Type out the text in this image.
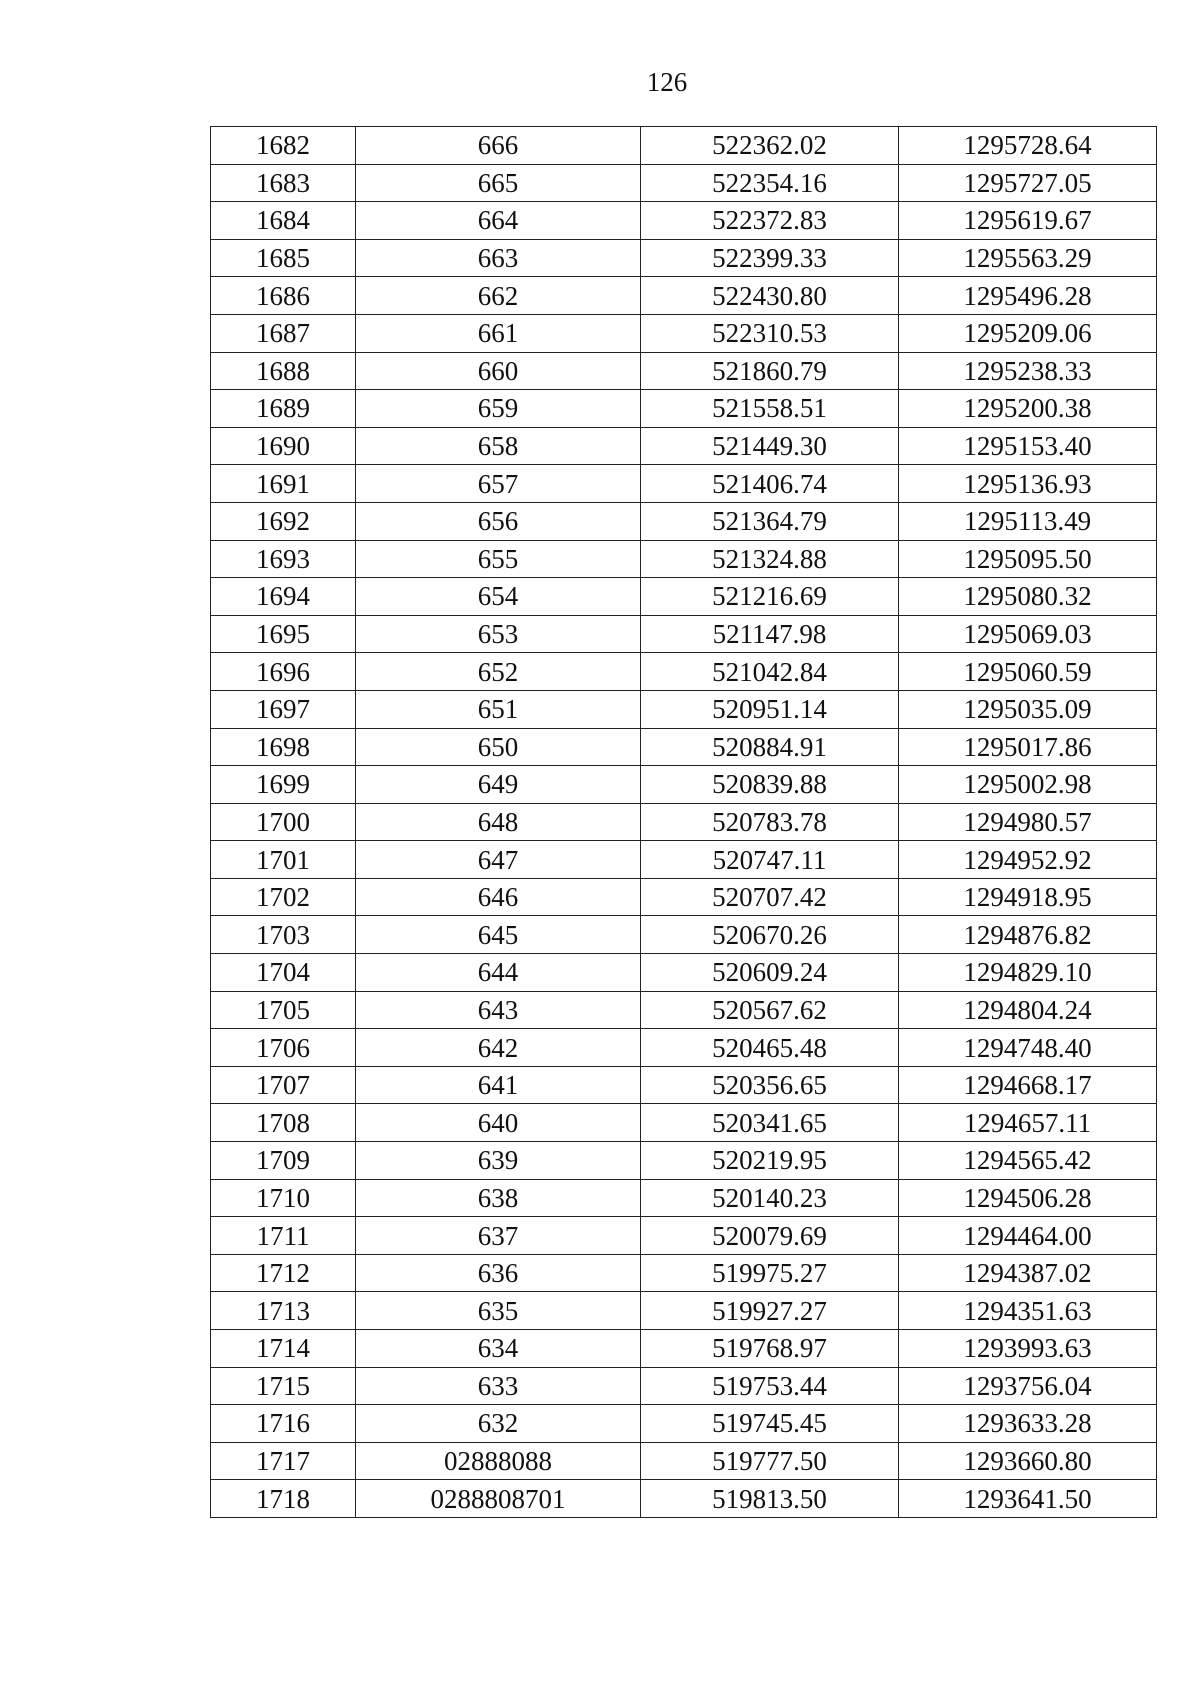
126
1682	666	522362.02	1295728.64
1683	665	522354.16	1295727.05
1684	664	522372.83	1295619.67
1685	663	522399.33	1295563.29
1686	662	522430.80	1295496.28
1687	661	522310.53	1295209.06
1688	660	521860.79	1295238.33
1689	659	521558.51	1295200.38
1690	658	521449.30	1295153.40
1691	657	521406.74	1295136.93
1692	656	521364.79	1295113.49
1693	655	521324.88	1295095.50
1694	654	521216.69	1295080.32
1695	653	521147.98	1295069.03
1696	652	521042.84	1295060.59
1697	651	520951.14	1295035.09
1698	650	520884.91	1295017.86
1699	649	520839.88	1295002.98
1700	648	520783.78	1294980.57
1701	647	520747.11	1294952.92
1702	646	520707.42	1294918.95
1703	645	520670.26	1294876.82
1704	644	520609.24	1294829.10
1705	643	520567.62	1294804.24
1706	642	520465.48	1294748.40
1707	641	520356.65	1294668.17
1708	640	520341.65	1294657.11
1709	639	520219.95	1294565.42
1710	638	520140.23	1294506.28
1711	637	520079.69	1294464.00
1712	636	519975.27	1294387.02
1713	635	519927.27	1294351.63
1714	634	519768.97	1293993.63
1715	633	519753.44	1293756.04
1716	632	519745.45	1293633.28
1717	02888088	519777.50	1293660.80
1718	0288808701	519813.50	1293641.50
